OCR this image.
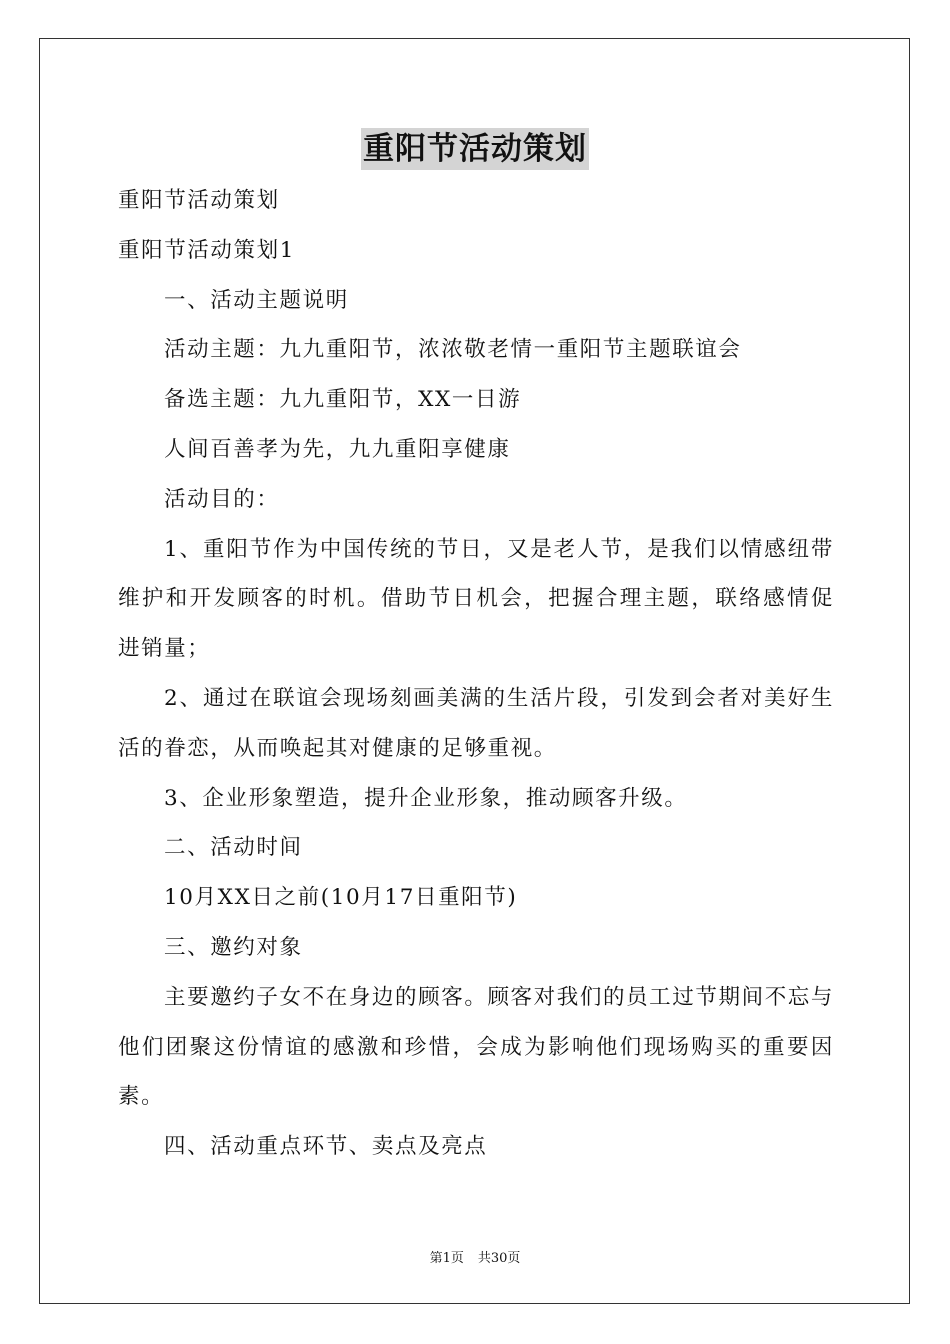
重阳节活动策划

重阳节活动策划

重阳节活动策划1

一、活动主题说明

活动主题：九九重阳节，浓浓敬老情一重阳节主题联谊会

备选主题：九九重阳节，XX一日游

人间百善孝为先，九九重阳享健康

活动目的：

1、重阳节作为中国传统的节日，又是老人节，是我们以情感纽带维护和开发顾客的时机。借助节日机会，把握合理主题，联络感情促进销量；

2、通过在联谊会现场刻画美满的生活片段，引发到会者对美好生活的眷恋，从而唤起其对健康的足够重视。

3、企业形象塑造，提升企业形象，推动顾客升级。

二、活动时间

10月XX日之前(10月17日重阳节)

三、邀约对象

主要邀约子女不在身边的顾客。顾客对我们的员工过节期间不忘与他们团聚这份情谊的感激和珍惜，会成为影响他们现场购买的重要因素。

四、活动重点环节、卖点及亮点

第1页 共30页
